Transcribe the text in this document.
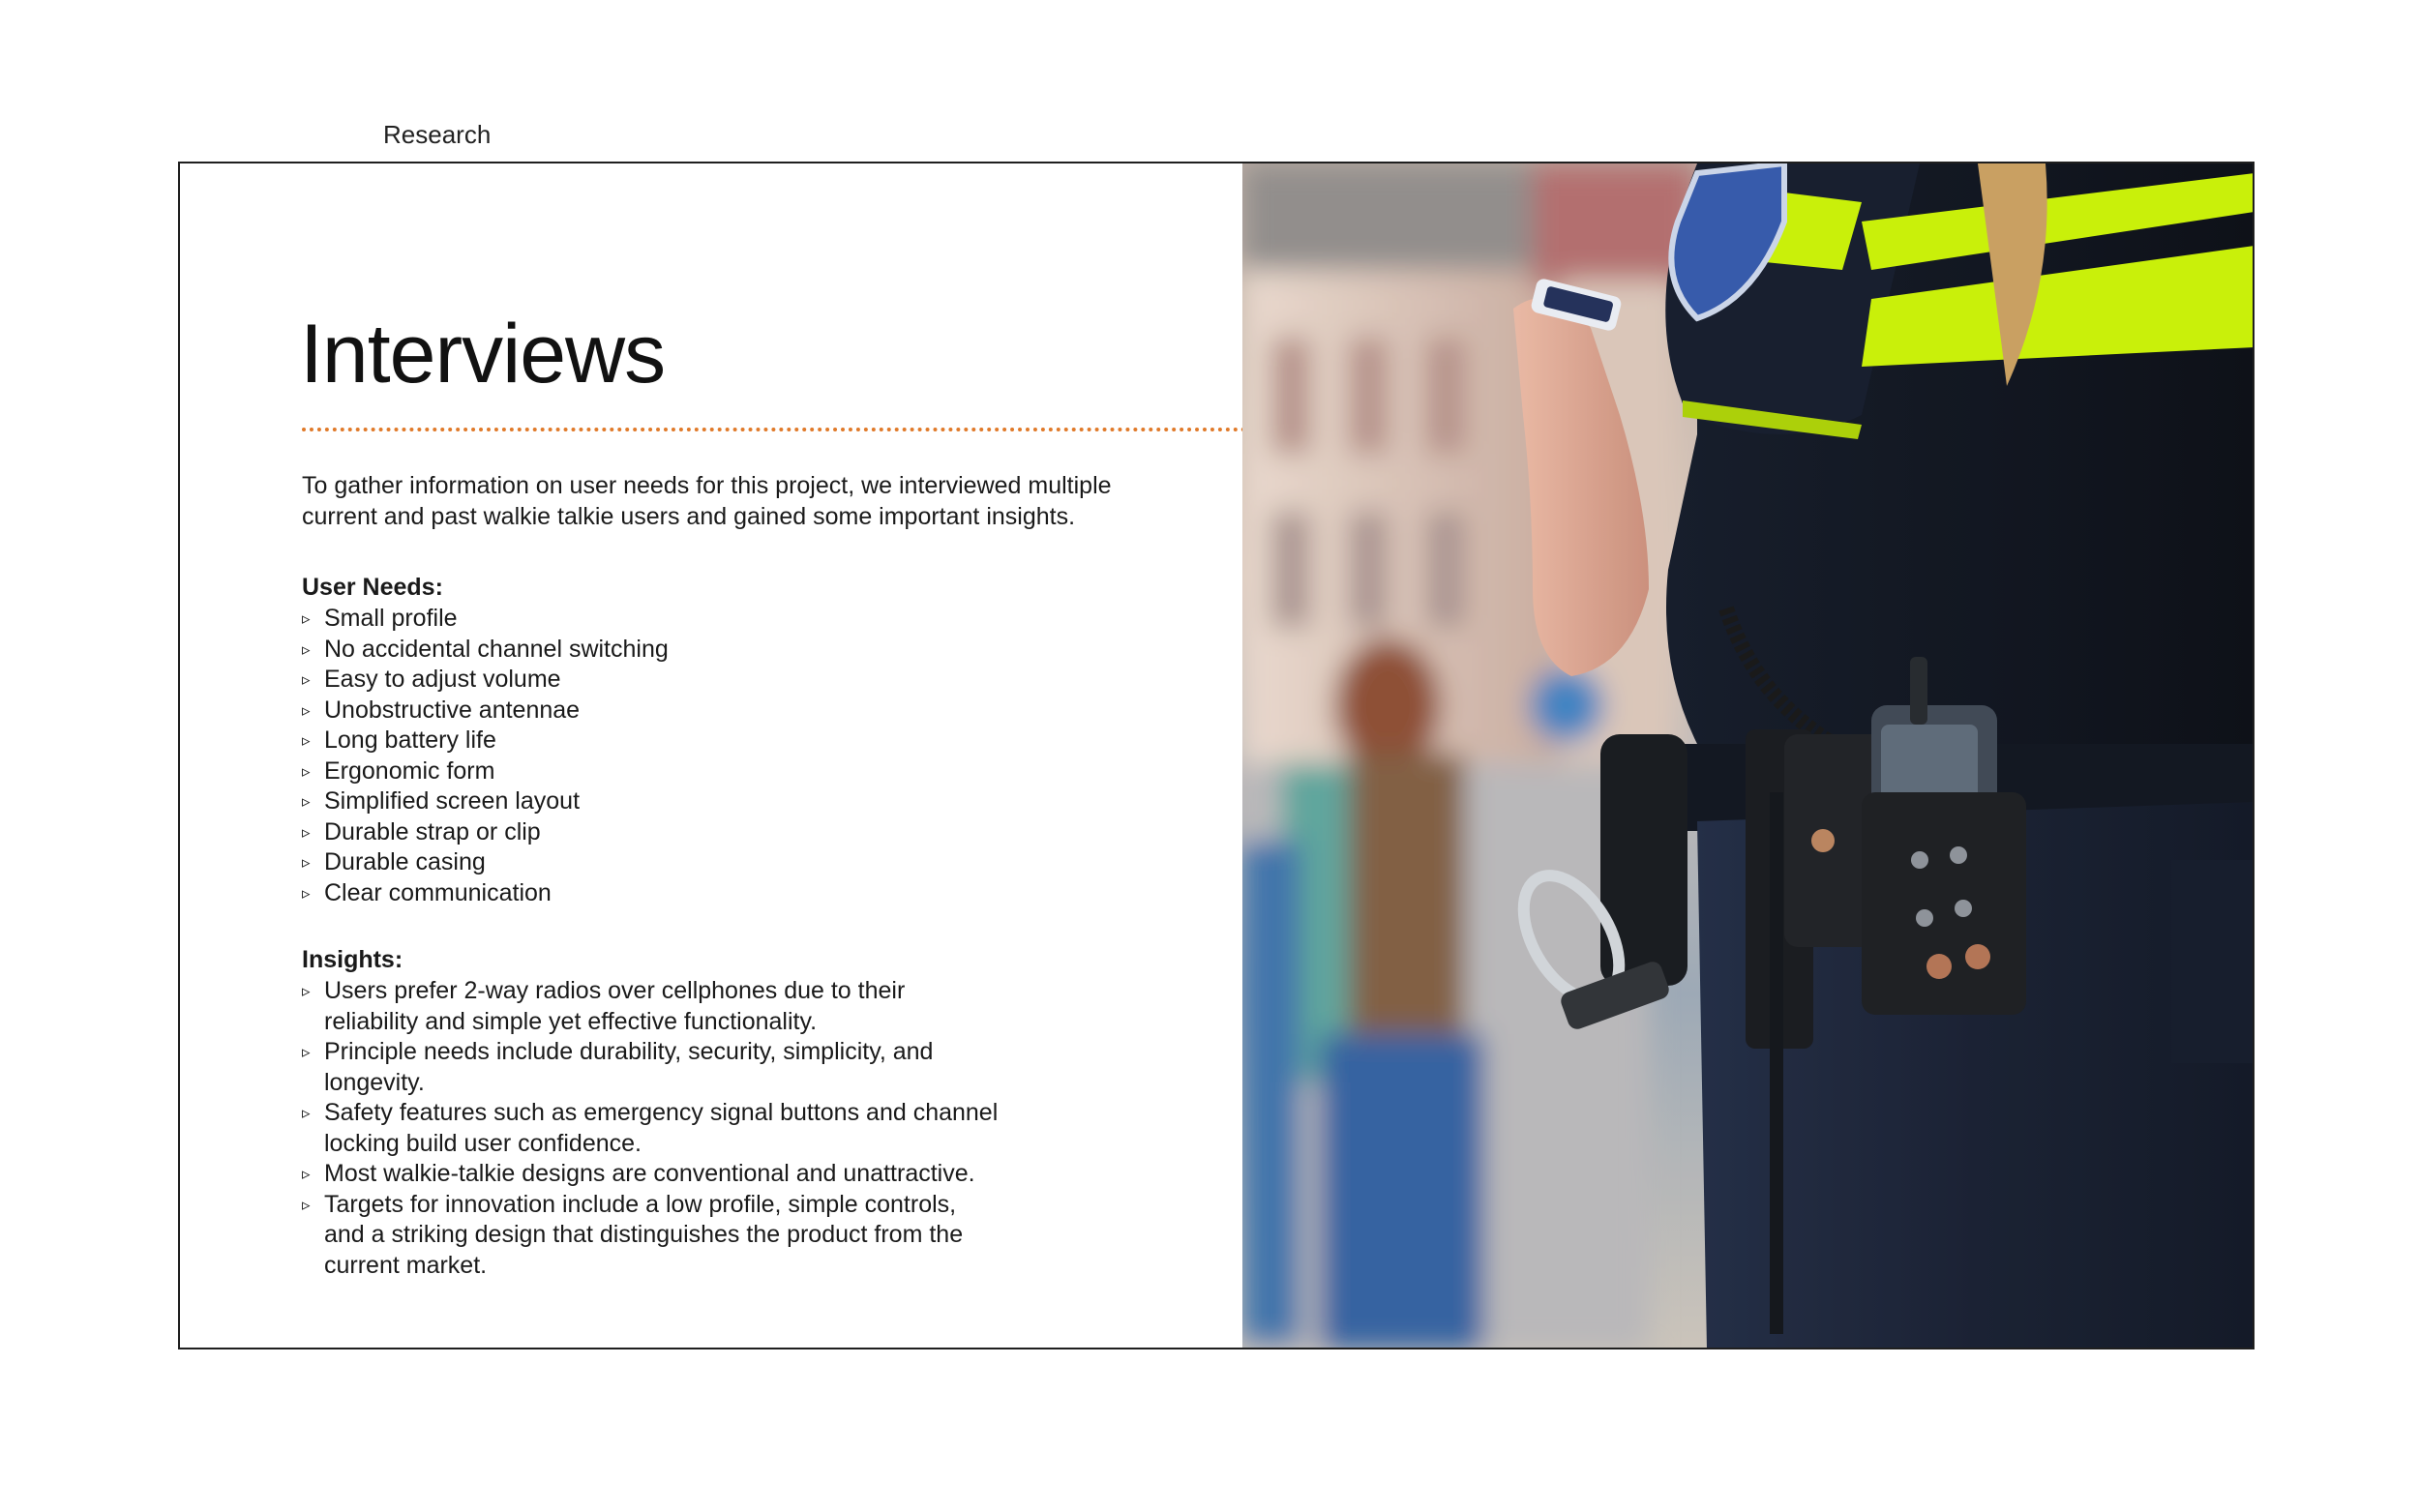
Research
Interviews

To gather information on user needs for this project, we interviewed multiple current and past walkie talkie users and gained some important insights.

User Needs:

▹ Small profile
▹ No accidental channel switching
▹ Easy to adjust volume
▹ Unobstructive antennae
▹ Long battery life
▹ Ergonomic form
▹ Simplified screen layout
▹ Durable strap or clip
▹ Durable casing
▹ Clear communication

Insights:

▹ Users prefer 2-way radios over cellphones due to their reliability and simple yet effective functionality.
▹ Principle needs include durability, security, simplicity, and longevity.
▹ Safety features such as emergency signal buttons and channel locking build user confidence.
▹ Most walkie-talkie designs are conventional and unattractive.
▹ Targets for innovation include a low profile, simple controls, and a striking design that distinguishes the product from the current market.
